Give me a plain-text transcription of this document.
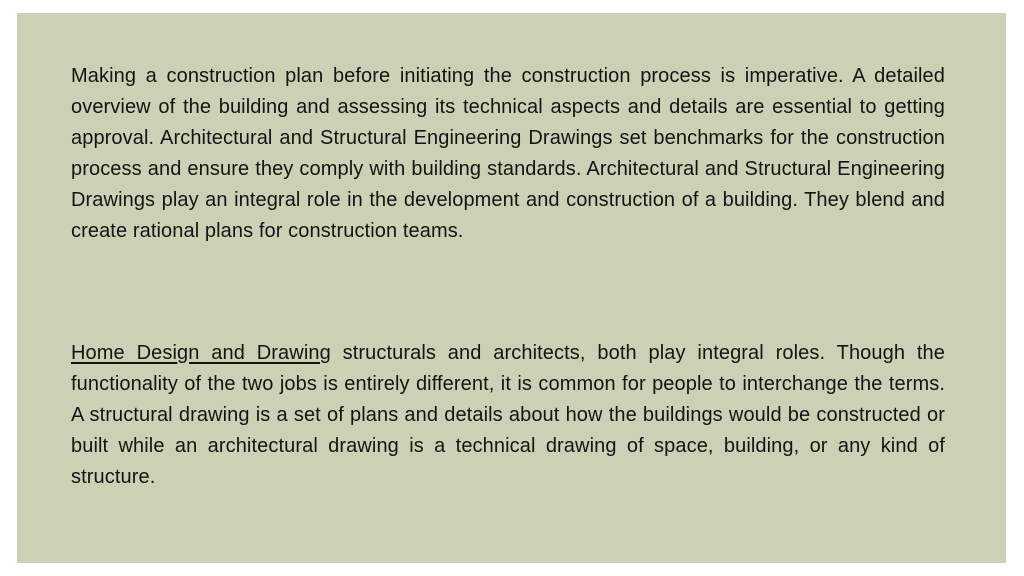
Making a construction plan before initiating the construction process is imperative. A detailed overview of the building and assessing its technical aspects and details are essential to getting approval. Architectural and Structural Engineering Drawings set benchmarks for the construction process and ensure they comply with building standards. Architectural and Structural Engineering Drawings play an integral role in the development and construction of a building. They blend and create rational plans for construction teams.

Home Design and Drawing structurals and architects, both play integral roles. Though the functionality of the two jobs is entirely different, it is common for people to interchange the terms. A structural drawing is a set of plans and details about how the buildings would be constructed or built while an architectural drawing is a technical drawing of space, building, or any kind of structure.
